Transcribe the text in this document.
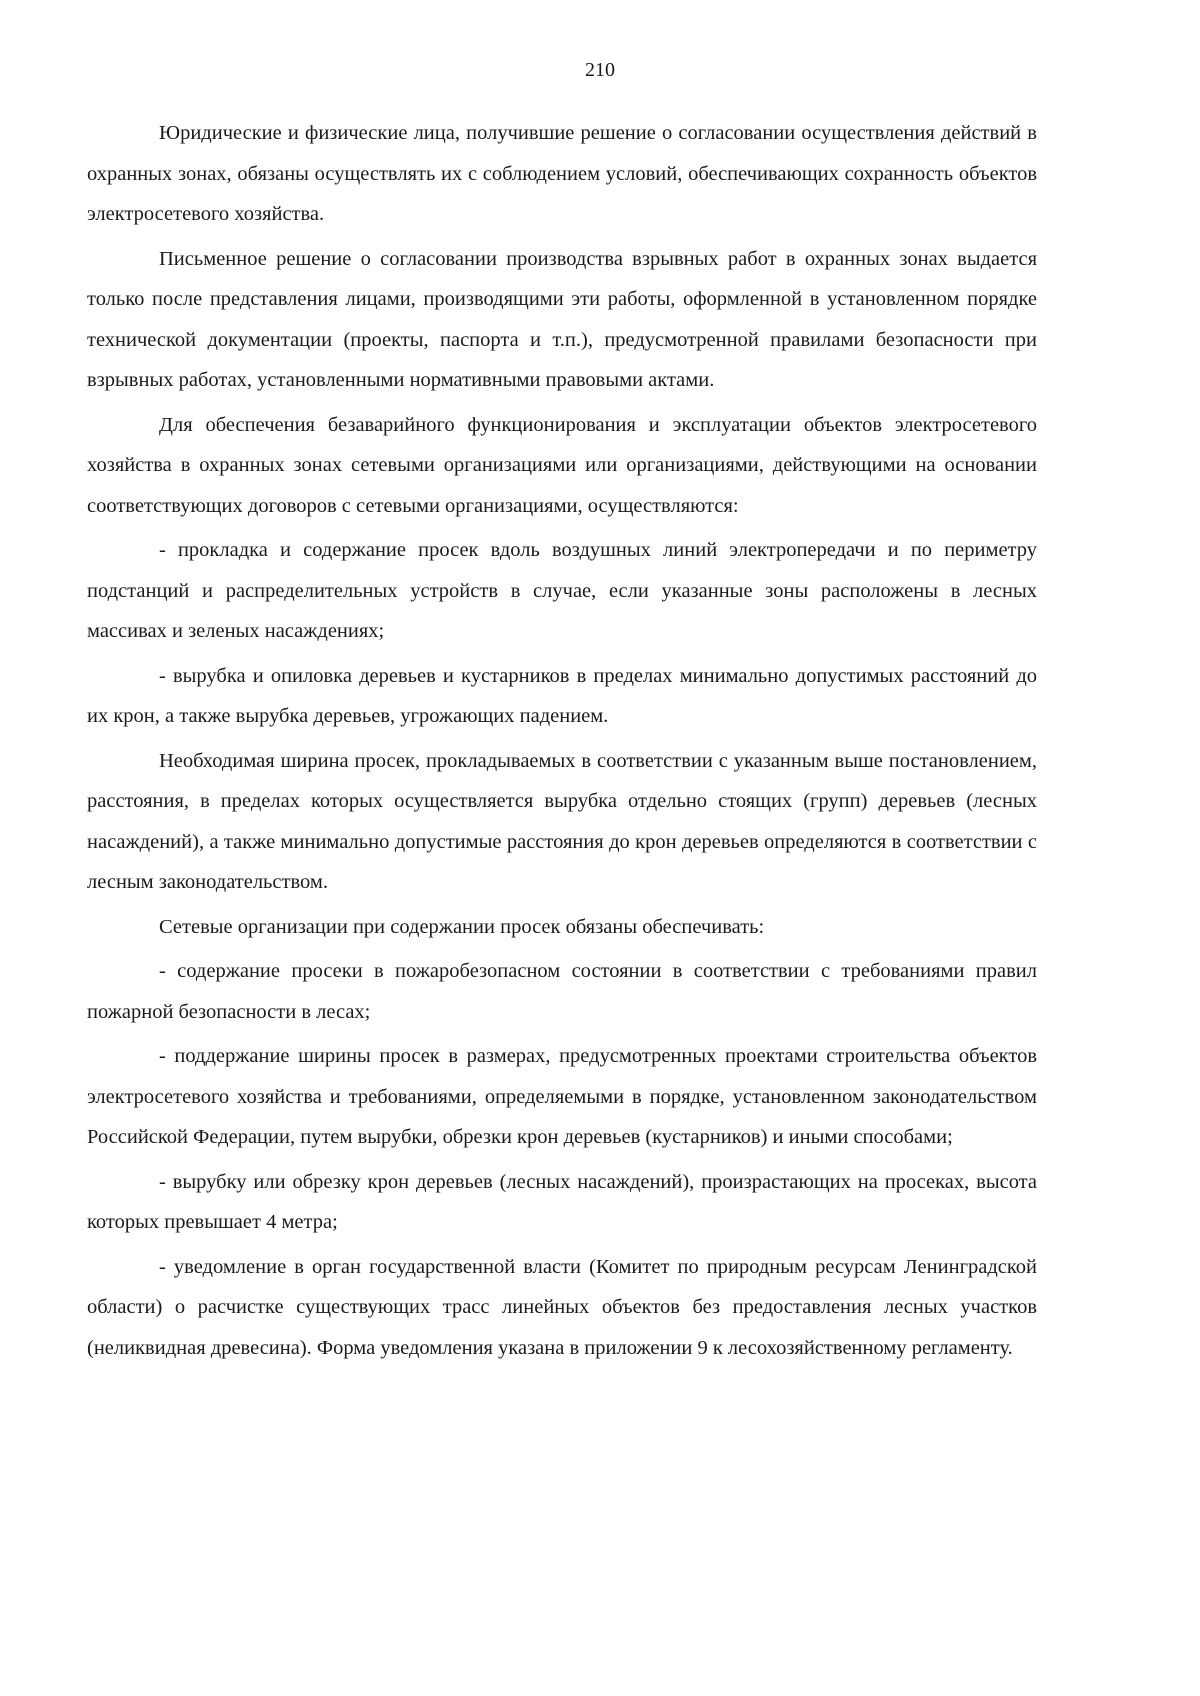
210

Юридические и физические лица, получившие решение о согласовании осуществления действий в охранных зонах, обязаны осуществлять их с соблюдением условий, обеспечивающих сохранность объектов электросетевого хозяйства.

Письменное решение о согласовании производства взрывных работ в охранных зонах выдается только после представления лицами, производящими эти работы, оформленной в установленном порядке технической документации (проекты, паспорта и т.п.), предусмотренной правилами безопасности при взрывных работах, установленными нормативными правовыми актами.

Для обеспечения безаварийного функционирования и эксплуатации объектов электросетевого хозяйства в охранных зонах сетевыми организациями или организациями, действующими на основании соответствующих договоров с сетевыми организациями, осуществляются:

- прокладка и содержание просек вдоль воздушных линий электропередачи и по периметру подстанций и распределительных устройств в случае, если указанные зоны расположены в лесных массивах и зеленых насаждениях;

- вырубка и опиловка деревьев и кустарников в пределах минимально допустимых расстояний до их крон, а также вырубка деревьев, угрожающих падением.

Необходимая ширина просек, прокладываемых в соответствии с указанным выше постановлением, расстояния, в пределах которых осуществляется вырубка отдельно стоящих (групп) деревьев (лесных насаждений), а также минимально допустимые расстояния до крон деревьев определяются в соответствии с лесным законодательством.

Сетевые организации при содержании просек обязаны обеспечивать:

- содержание просеки в пожаробезопасном состоянии в соответствии с требованиями правил пожарной безопасности в лесах;

- поддержание ширины просек в размерах, предусмотренных проектами строительства объектов электросетевого хозяйства и требованиями, определяемыми в порядке, установленном законодательством Российской Федерации, путем вырубки, обрезки крон деревьев (кустарников) и иными способами;

- вырубку или обрезку крон деревьев (лесных насаждений), произрастающих на просеках, высота которых превышает 4 метра;

- уведомление в орган государственной власти (Комитет по природным ресурсам Ленинградской области) о расчистке существующих трасс линейных объектов без предоставления лесных участков (неликвидная древесина). Форма уведомления указана в приложении 9 к лесохозяйственному регламенту.
